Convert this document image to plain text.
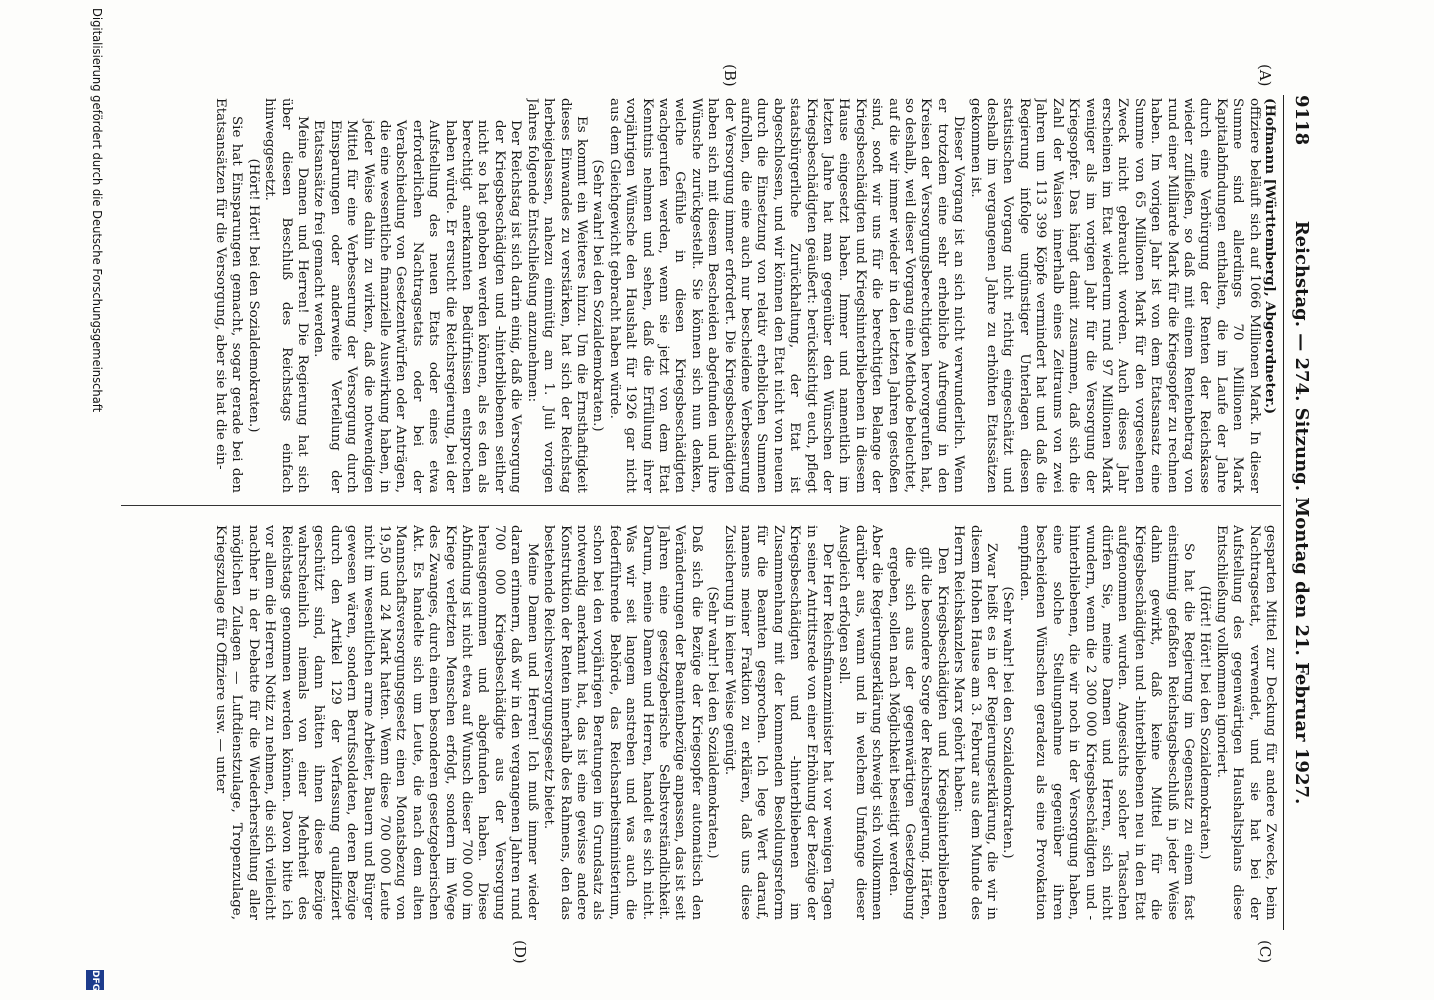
9118
Reichstag. — 274. Sitzung. Montag den 21. Februar 1927.
(A)
(B)
(C)
(D)

(Hofmann [Württemberg], Abgeordneter.)

offiziere beläuft sich auf 1066 Millionen Mark. In dieser Summe sind allerdings 70 Millionen Mark Kapitalabfindungen enthalten, die im Laufe der Jahre durch eine Verbürgung der Renten der Reichskasse wieder zufließen, so daß mit einem Rentenbetrag von rund einer Milliarde Mark für die Kriegsopfer zu rechnen haben. Im vorigen Jahr ist von dem Etatsansatz eine Summe von 65 Millionen Mark für den vorgesehenen Zweck nicht gebraucht worden. Auch dieses Jahr erscheinen im Etat wiederum rund 97 Millionen Mark weniger als im vorigen Jahr für die Versorgung der Kriegsopfer. Das hängt damit zusammen, daß sich die Zahl der Waisen innerhalb eines Zeitraums von zwei Jahren um 113 399 Köpfe vermindert hat und daß die Regierung infolge ungünstiger Unterlagen diesen statistischen Vorgang nicht richtig eingeschätzt und deshalb im vergangenen Jahre zu erhöhten Etatssätzen gekommen ist.

Dieser Vorgang ist an sich nicht verwunderlich. Wenn er trotzdem eine sehr erhebliche Aufregung in den Kreisen der Versorgungsberechtigten hervorgerufen hat, so deshalb, weil dieser Vorgang eine Methode beleuchtet, auf die wir immer wieder in den letzten Jahren gestoßen sind, sooft wir uns für die berechtigten Belange der Kriegsbeschädigten und Kriegshinterbliebenen in diesem Hause eingesetzt haben. Immer und namentlich im letzten Jahre hat man gegenüber den Wünschen der Kriegsbeschädigten geäußert: berücksichtigt euch, pflegt staatsbürgerliche Zurückhaltung, der Etat ist abgeschlossen, und wir können den Etat nicht von neuem durch die Einsetzung von relativ erheblichen Summen aufrollen, die eine auch nur bescheidene Verbesserung der Versorgung immer erfordert. Die Kriegsbeschädigten haben sich mit diesem Bescheiden abgefunden und ihre Wünsche zurückgestellt. Sie können sich nun denken, welche Gefühle in diesen Kriegsbeschädigten wachgerufen werden, wenn sie jetzt von dem Etat Kenntnis nehmen und sehen, daß die Erfüllung ihrer vorjährigen Wünsche den Haushalt für 1926 gar nicht aus dem Gleichgewicht gebracht haben würde.

(Sehr wahr! bei den Sozialdemokraten.)

Es kommt ein Weiteres hinzu. Um die Ernsthaftigkeit dieses Einwandes zu verstärken, hat sich der Reichstag herbeigelassen, nahezu einmütig am 1. Juli vorigen Jahres folgende Entschließung anzunehmen:

Der Reichstag ist sich darin einig, daß die Versorgung der Kriegsbeschädigten und -hinterbliebenen seither nicht so hat gehoben werden können, als es den als berechtigt anerkannten Bedürfnissen entsprochen haben würde. Er ersucht die Reichsregierung, bei der Aufstellung des neuen Etats oder eines etwa erforderlichen Nachtragsetats oder bei der Verabschiedung von Gesetzentwürfen oder Anträgen, die eine wesentliche finanzielle Auswirkung haben, in jeder Weise dahin zu wirken, daß die notwendigen Mittel für eine Verbesserung der Versorgung durch Einsparungen oder anderweite Verteilung der Etatsansätze frei gemacht werden.

Meine Damen und Herren! Die Regierung hat sich über diesen Beschluß des Reichstags einfach hinweggesetzt.

(Hört! Hört! bei den Sozialdemokraten.)

Sie hat Einsparungen gemacht, sogar gerade bei den Etatsansätzen für die Versorgung, aber sie hat die ein-

gesparten Mittel zur Deckung für andere Zwecke, beim Nachtragsetat, verwendet, und sie hat bei der Aufstellung des gegenwärtigen Haushaltsplans diese Entschließung vollkommen ignoriert.

(Hört! Hört! bei den Sozialdemokraten.)

So hat die Regierung im Gegensatz zu einem fast einstimmig gefaßten Reichstagsbeschluß in jeder Weise dahin gewirkt, daß keine Mittel für die Kriegsbeschädigten und -hinterbliebenen neu in den Etat aufgenommen wurden. Angesichts solcher Tatsachen dürfen Sie, meine Damen und Herren, sich nicht wundern, wenn die 2 300 000 Kriegsbeschädigten und -hinterbliebenen, die wir noch in der Versorgung haben, eine solche Stellungnahme gegenüber ihren bescheidenen Wünschen geradezu als eine Provokation empfinden.

(Sehr wahr! bei den Sozialdemokraten.)

Zwar heißt es in der Regierungserklärung, die wir in diesem Hohen Hause am 3. Februar aus dem Munde des Herrn Reichskanzlers Marx gehört haben:

Den Kriegsbeschädigten und Kriegshinterbliebenen gilt die besondere Sorge der Reichsregierung. Härten, die sich aus der gegenwärtigen Gesetzgebung ergeben, sollen nach Möglichkeit beseitigt werden.

Aber die Regierungserklärung schweigt sich vollkommen darüber aus, wann und in welchem Umfange dieser Ausgleich erfolgen soll.

Der Herr Reichsfinanzminister hat vor wenigen Tagen in seiner Antrittsrede von einer Erhöhung der Bezüge der Kriegsbeschädigten und -hinterbliebenen im Zusammenhang mit der kommenden Besoldungsreform für die Beamten gesprochen. Ich lege Wert darauf, namens meiner Fraktion zu erklären, daß uns diese Zusicherung in keiner Weise genügt.

(Sehr wahr! bei den Sozialdemokraten.)

Daß sich die Bezüge der Kriegsopfer automatisch den Veränderungen der Beamtenbezüge anpassen, das ist seit Jahren eine gesetzgeberische Selbstverständlichkeit. Darum, meine Damen und Herren, handelt es sich nicht. Was wir seit langem anstreben und was auch die federführende Behörde, das Reichsarbeitsministerium, schon bei den vorjährigen Beratungen im Grundsatz als notwendig anerkannt hat, das ist eine gewisse andere Konstruktion der Renten innerhalb des Rahmens, den das bestehende Reichsversorgungsgesetz bietet.

Meine Damen und Herren! Ich muß immer wieder daran erinnern, daß wir in den vergangenen Jahren rund 700 000 Kriegsbeschädigte aus der Versorgung herausgenommen und abgefunden haben. Diese Abfindung ist nicht etwa auf Wunsch dieser 700 000 im Kriege verletzten Menschen erfolgt, sondern im Wege des Zwanges, durch einen besonderen gesetzgeberischen Akt. Es handelte sich um Leute, die nach dem alten Mannschaftsversorgungsgesetz einen Monatsbezug von 19,50 und 24 Mark hatten. Wenn diese 700 000 Leute nicht im wesentlichen arme Arbeiter, Bauern und Bürger gewesen wären, sondern Berufssoldaten, deren Bezüge durch den Artikel 129 der Verfassung qualifiziert geschützt sind, dann hätten ihnen diese Bezüge wahrscheinlich niemals von einer Mehrheit des Reichstags genommen werden können. Davon bitte ich vor allem die Herren Notiz zu nehmen, die sich vielleicht nachher in der Debatte für die Wiederherstellung aller möglichen Zulagen — Luftdienstzulage, Tropenzulage, Kriegszulage für Offiziere usw. — unter

Digitalisierung gefördert durch die Deutsche Forschungsgemeinschaft
DFG
